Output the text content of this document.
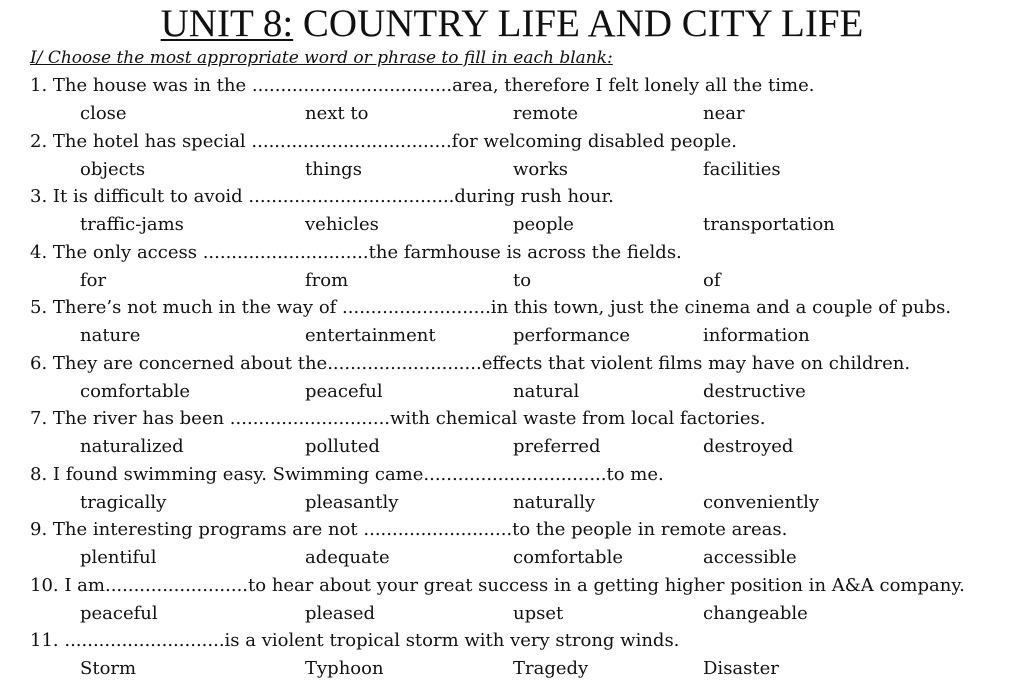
UNIT 8: COUNTRY LIFE AND CITY LIFE
I/ Choose the most appropriate word or phrase to fill in each blank:
1. The house was in the ...................................area, therefore I felt lonely all the time.
close	next to	remote	near
2. The hotel has special ...................................for welcoming disabled people.
objects	things	works	facilities
3. It is difficult to avoid ....................................during rush hour.
traffic-jams	vehicles	people	transportation
4. The only access .............................the farmhouse is across the fields.
for	from	to	of
5. There’s not much in the way of ..........................in this town, just the cinema and a couple of pubs.
nature	entertainment	performance	information
6. They are concerned about the...........................effects that violent films may have on children.
comfortable	peaceful	natural	destructive
7. The river has been ............................with chemical waste from local factories.
naturalized	polluted	preferred	destroyed
8. I found swimming easy. Swimming came................................to me.
tragically	pleasantly	naturally	conveniently
9. The interesting programs are not ..........................to the people in remote areas.
plentiful	adequate	comfortable	accessible
10. I am.........................to hear about your great success in a getting higher position in A&A company.
peaceful	pleased	upset	changeable
11. ............................is a violent tropical storm with very strong winds.
Storm	Typhoon	Tragedy	Disaster
